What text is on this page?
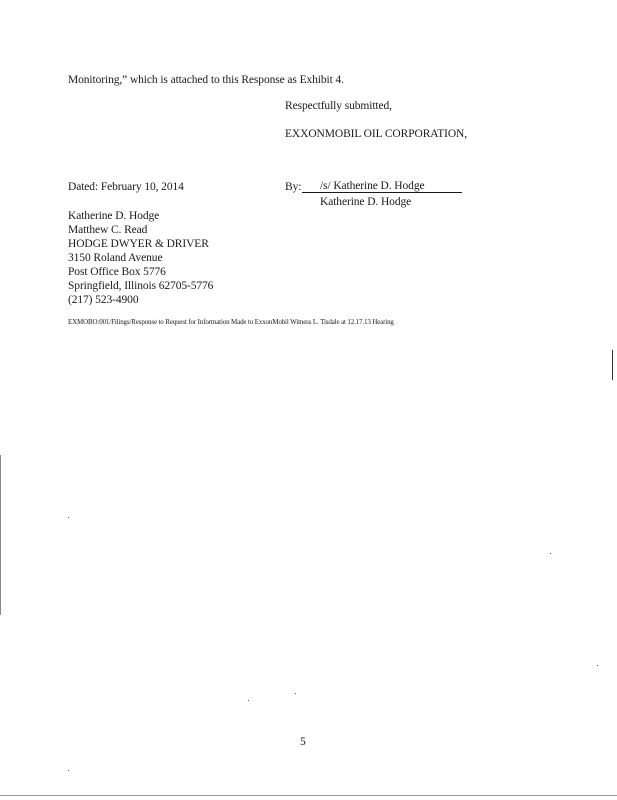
Monitoring,” which is attached to this Response as Exhibit 4.
Respectfully submitted,
EXXONMOBIL OIL CORPORATION,
Dated: February 10, 2014	By: /s/ Katherine D. Hodge
Katherine D. Hodge
Katherine D. Hodge
Matthew C. Read
HODGE DWYER & DRIVER
3150 Roland Avenue
Post Office Box 5776
Springfield, Illinois 62705-5776
(217) 523-4900
EXMOBO:001/Filings/Response to Request for Information Made to ExxonMobil Witness L. Tisdale at 12.17.13 Hearing
5
